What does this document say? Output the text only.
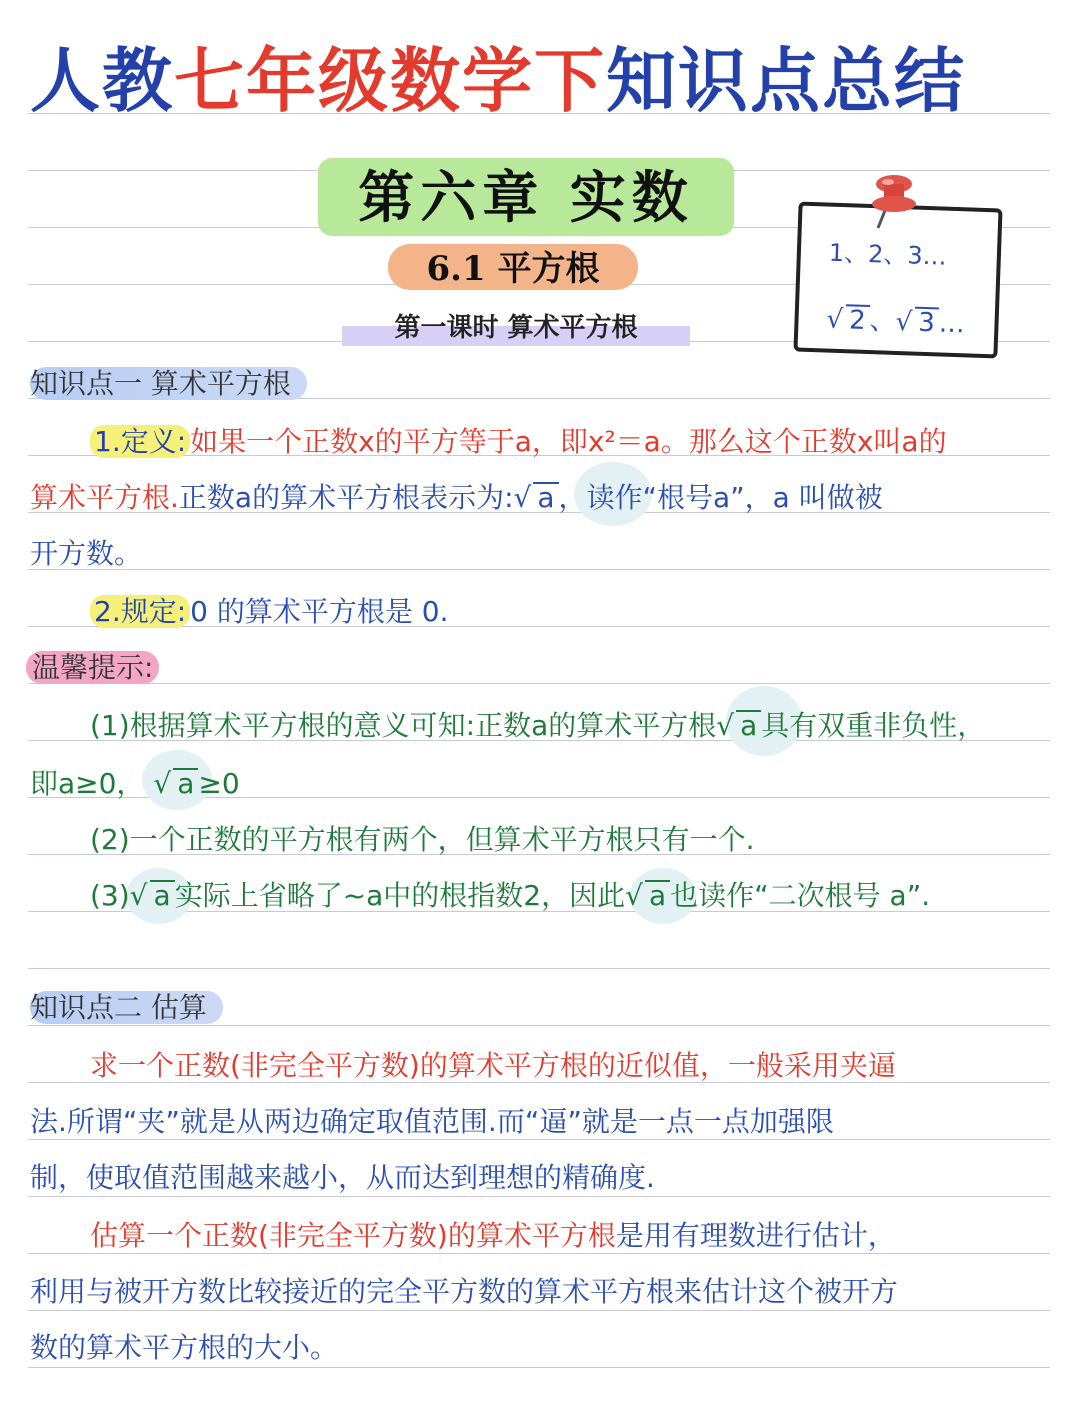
人教七年级数学下知识点总结
第六章 实数
6.1 平方根
第一课时 算术平方根
1、2、3…
√ 2 、√ 3 …
知识点一 算术平方根
1.定义: 如果一个正数x的平方等于a，即x²＝a。那么这个正数x叫a的
算术平方根.正数a的算术平方根表示为:√ a ，读作“根号a”，a 叫做被
开方数。
2.规定: 0 的算术平方根是 0.
温馨提示:
(1)根据算术平方根的意义可知:正数a的算术平方根√ a 具有双重非负性，
即a≥0， √ a ≥0
(2)一个正数的平方根有两个，但算术平方根只有一个.
(3)√ a 实际上省略了~a中的根指数2，因此√ a 也读作“二次根号 a”.
知识点二 估算
求一个正数(非完全平方数)的算术平方根的近似值，一般采用夹逼
法.所谓“夹”就是从两边确定取值范围.而“逼”就是一点一点加强限
制，使取值范围越来越小，从而达到理想的精确度.
估算一个正数(非完全平方数)的算术平方根是用有理数进行估计，
利用与被开方数比较接近的完全平方数的算术平方根来估计这个被开方
数的算术平方根的大小。
